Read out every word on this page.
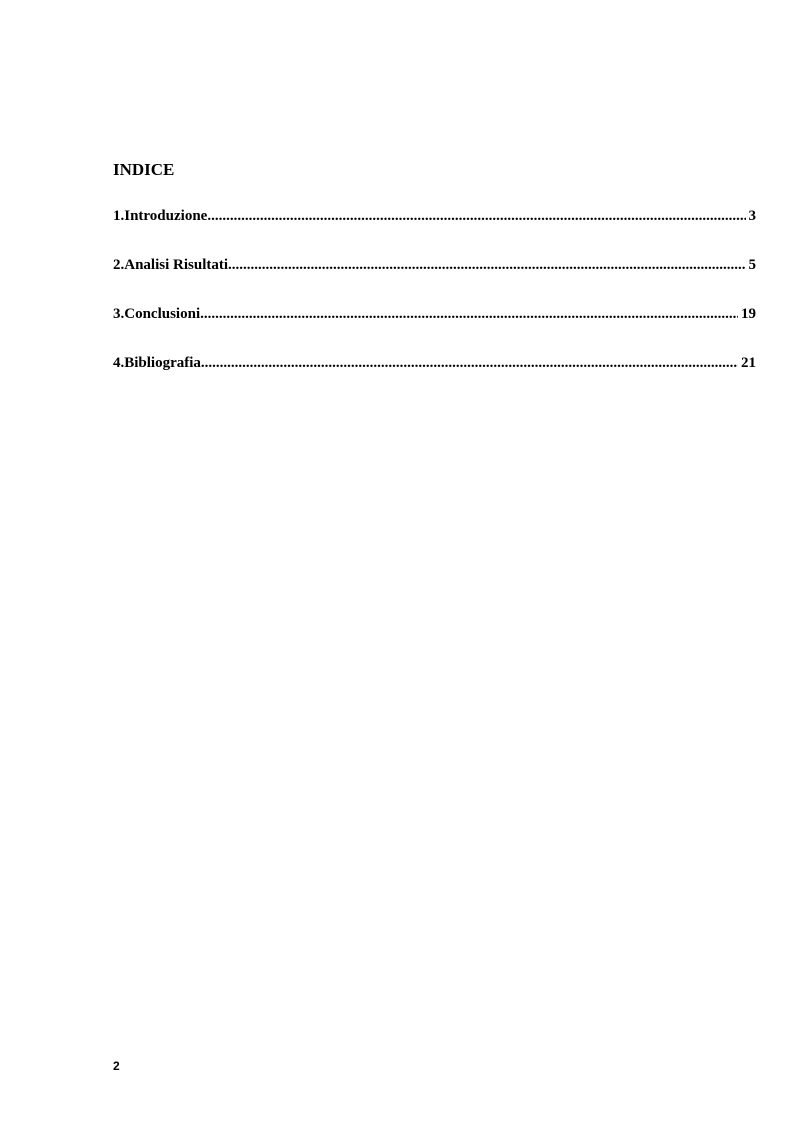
INDICE
1.Introduzione .....	3
2.Analisi Risultati .....	5
3.Conclusioni .....	19
4.Bibliografia .....	21
2
